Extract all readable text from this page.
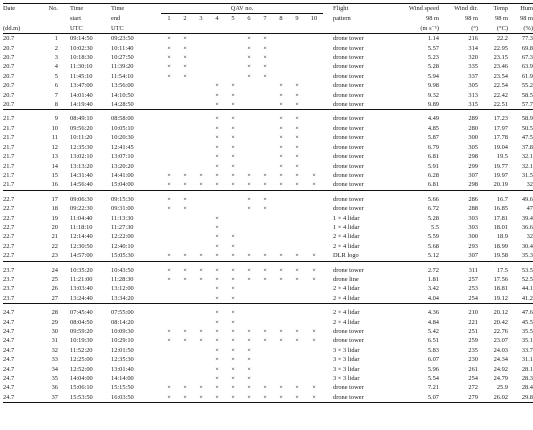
Date	No.	Time	Time	QAV no.										Flight	Wind speed	Wind dir.	Temp	Hum
		start	end	1	2	3	4	5	6	7	8	9	10	pattern	98 m	98 m	98 m	98 m
(dd.m)		UTC	UTC												(m s⁻¹)	(°)	(°C)	(%)
20.7	1	09:14:50	09:23:50	×	×				×	×				drone tower	1.14	216	22.2	77.3
20.7	2	10:02:30	10:11:40	×	×				×	×				drone tower	5.57	314	22.95	69.8
20.7	3	10:18:30	10:27:50	×	×				×	×				drone tower	5.23	320	23.15	67.3
20.7	4	11:30:10	11:39:20	×	×				×	×				drone tower	5.28	335	23.46	63.9
20.7	5	11:45:10	11:54:10	×	×				×	×				drone tower	5.94	337	23.54	61.9
20.7	6	13:47:00	13:56:00				×	×			×	×		drone tower	9.98	305	22.54	55.2
20.7	7	14:01:40	14:10:50				×	×			×	×		drone tower	9.32	313	22.42	58.5
20.7	8	14:19:40	14:28:50				×	×			×	×		drone tower	9.89	315	22.51	57.7

21.7	9	08:49:10	08:58:00				×	×			×	×		drone tower	4.49	289	17.23	58.9
21.7	10	09:56:20	10:05:10				×	×			×	×		drone tower	4.85	280	17.97	50.5
21.7	11	10:11:20	10:20:30				×	×			×	×		drone tower	5.87	300	17.78	47.5
21.7	12	12:35:30	12:41:45				×	×			×	×		drone tower	6.79	305	19.04	37.8
21.7	13	13:02:10	13:07:10				×	×			×	×		drone tower	6.81	298	19.5	32.1
21.7	14	13:13:20	13:20:20				×	×			×	×		drone tower	5.91	299	19.77	32.1
21.7	15	14:31:40	14:41:00	×	×	×	×	×	×	×	×	×	×	drone tower	6.28	307	19.97	31.5
21.7	16	14:56:40	15:04:00	×	×	×	×	×	×	×	×	×	×	drone tower	6.81	298	20.19	32

22.7	17	09:06:30	09:15:30	×	×				×	×				drone tower	5.66	286	16.7	49.6
22.7	18	09:22:30	09:31:00	×	×				×	×				drone tower	6.72	288	16.85	47
22.7	19	11:04:40	11:13:30				×							1 × 4 lidar	5.28	303	17.81	39.4
22.7	20	11:18:10	11:27:30				×							1 × 4 lidar	5.5	303	18.01	36.6
22.7	21	12:14:40	12:22:00				×	×						2 × 4 lidar	5.59	300	18.9	32
22.7	22	12:30:50	12:40:10				×	×						2 × 4 lidar	5.68	293	18.99	30.4
22.7	23	14:57:00	15:05:30	×	×	×	×	×	×	×	×	×	×	DLR logo	5.12	307	19.58	35.3

23.7	24	10:35:20	10:43:50	×	×	×	×	×	×	×	×	×	×	drone tower	2.72	311	17.5	53.5
23.7	25	11:21:00	11:28:30	×	×	×	×	×	×	×	×	×	×	drone line	1.81	257	17.56	52.5
23.7	26	13:03:40	13:12:00				×	×						2 × 4 lidar	3.42	253	18.81	44.1
23.7	27	13:24:40	13:34:20				×	×						2 × 4 lidar	4.04	254	19.12	41.2

24.7	28	07:45:40	07:55:00				×	×						2 × 4 lidar	4.36	210	20.12	47.6
24.7	29	08:04:50	08:14:20				×	×						2 × 4 lidar	4.84	221	20.42	45.5
24.7	30	09:59:20	10:09:30	×	×	×	×	×	×	×	×	×	×	drone tower	5.42	251	22.76	35.5
24.7	31	10:19:30	10:29:10	×	×	×	×	×	×	×	×	×	×	drone tower	6.51	259	23.07	35.1
24.7	32	11:52:20	12:01:50				×	×	×					3 × 3 lidar	5.83	235	24.03	33.7
24.7	33	12:25:00	12:35:30				×	×	×					3 × 3 lidar	6.07	230	24.34	31.1
24.7	34	12:52:00	13:01:40				×	×	×					3 × 3 lidar	5.96	261	24.92	28.1
24.7	35	14:04:00	14:14:00				×	×	×					3 × 3 lidar	5.54	254	24.79	28.3
24.7	36	15:06:10	15:15:50	×	×	×	×	×	×	×	×	×	×	drone tower	7.21	272	25.9	28.4
24.7	37	15:53:50	16:03:50	×	×	×	×	×	×	×	×	×	×	drone tower	5.07	279	26.02	29.8
